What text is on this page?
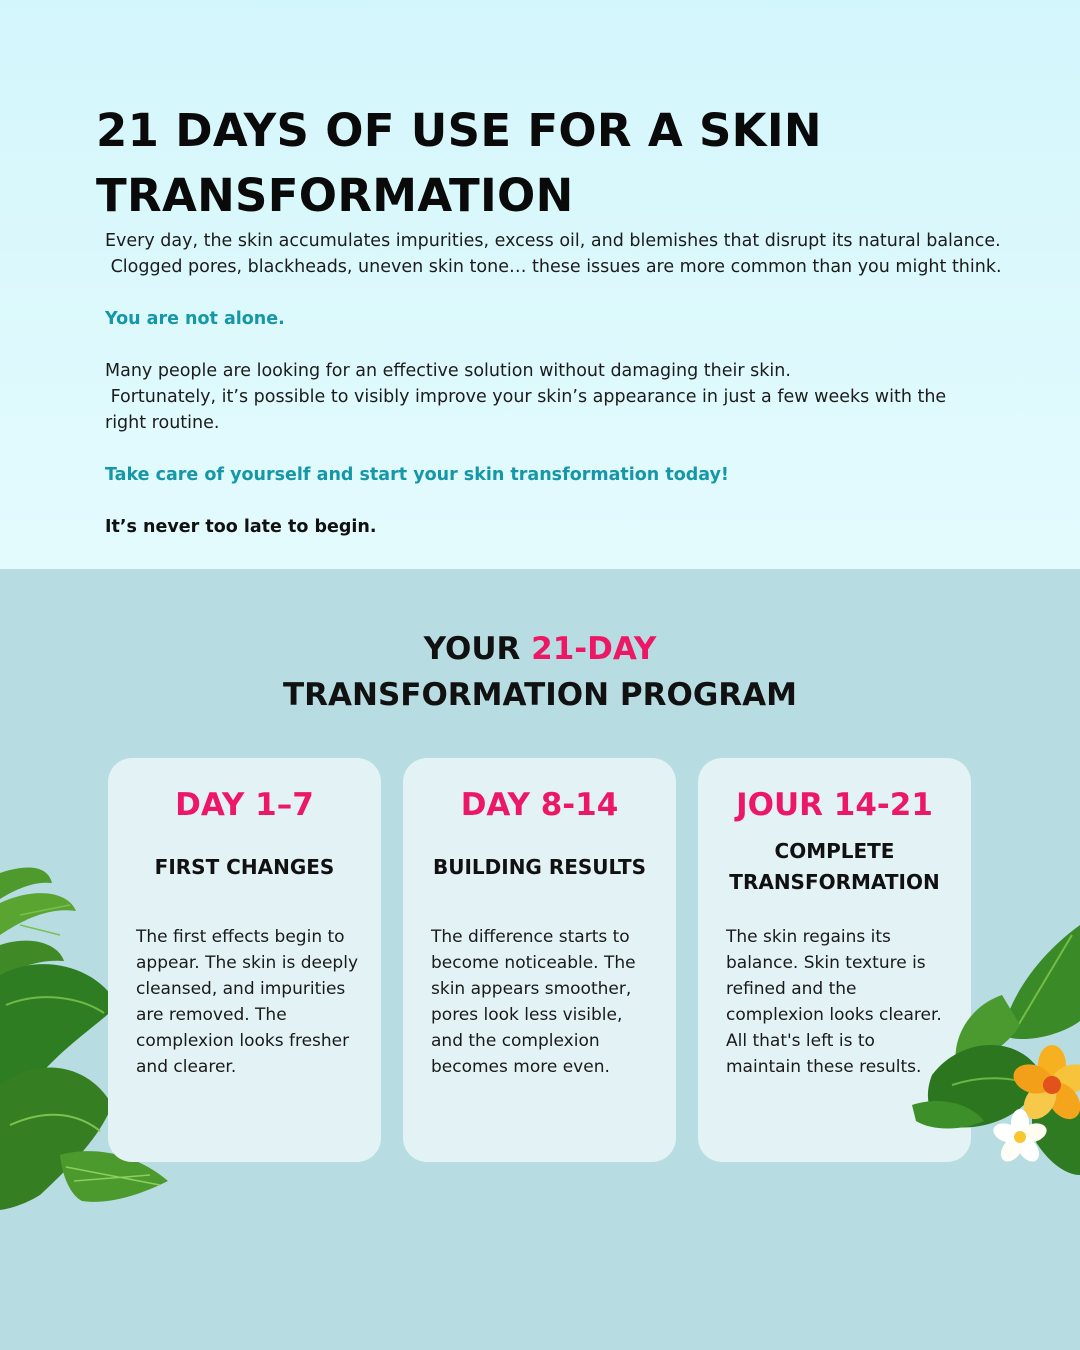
21 DAYS OF USE FOR A SKIN
TRANSFORMATION

Every day, the skin accumulates impurities, excess oil, and blemishes that disrupt its natural balance.

Clogged pores, blackheads, uneven skin tone… these issues are more common than you might think.

You are not alone.

Many people are looking for an effective solution without damaging their skin.

Fortunately, it’s possible to visibly improve your skin’s appearance in just a few weeks with the right routine.

Take care of yourself and start your skin transformation today!

It’s never too late to begin.

YOUR 21-DAY
TRANSFORMATION PROGRAM
DAY 1–7
FIRST CHANGES
The first effects begin to appear. The skin is deeply cleansed, and impurities are removed. The complexion looks fresher and clearer.
DAY 8-14
BUILDING RESULTS
The difference starts to become noticeable. The skin appears smoother, pores look less visible, and the complexion becomes more even.
JOUR 14-21
COMPLETE TRANSFORMATION
The skin regains its balance. Skin texture is refined and the complexion looks clearer. All that's left is to maintain these results.
